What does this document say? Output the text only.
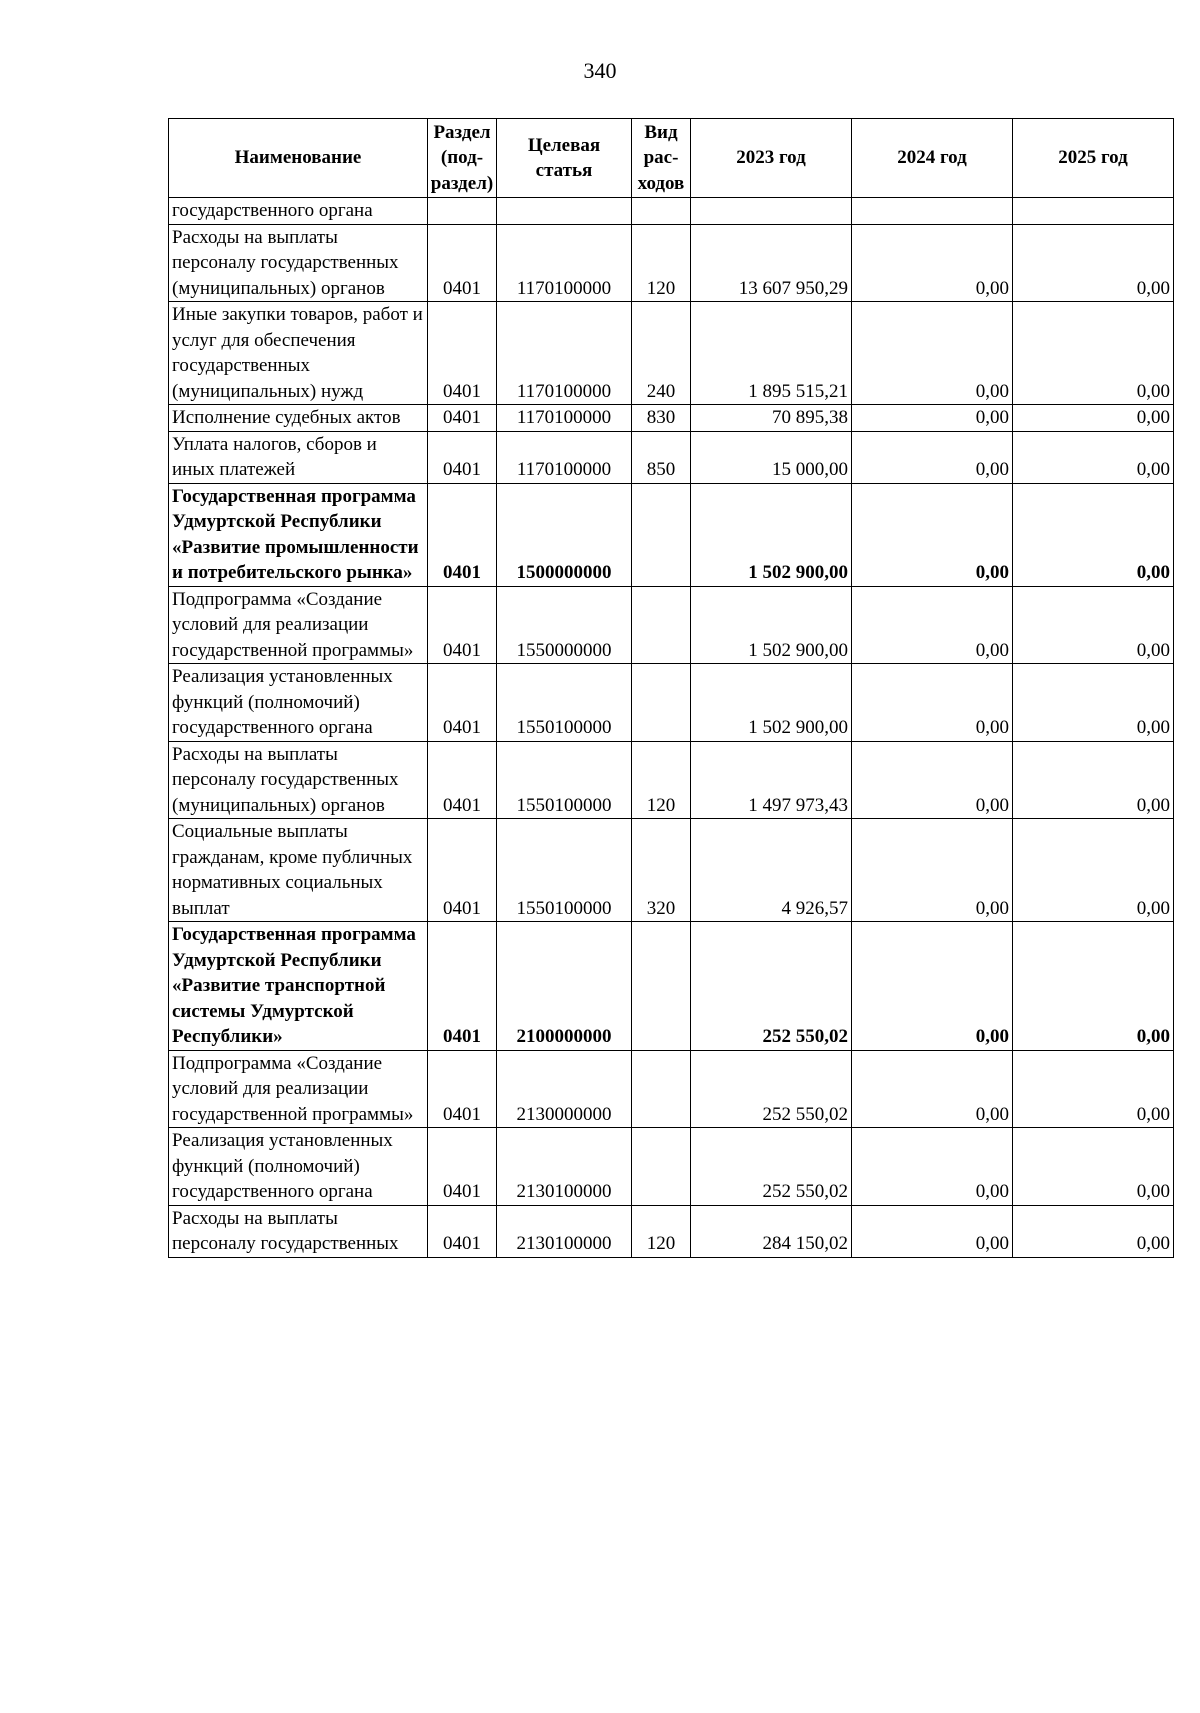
340
Наименование	Раздел (под-раздел)	Целевая статья	Вид рас-ходов	2023 год	2024 год	2025 год
государственного органа						
Расходы на выплаты персоналу государственных (муниципальных) органов	0401	1170100000	120	13 607 950,29	0,00	0,00
Иные закупки товаров, работ и услуг для обеспечения государственных (муниципальных) нужд	0401	1170100000	240	1 895 515,21	0,00	0,00
Исполнение судебных актов	0401	1170100000	830	70 895,38	0,00	0,00
Уплата налогов, сборов и иных платежей	0401	1170100000	850	15 000,00	0,00	0,00
Государственная программа Удмуртской Республики «Развитие промышленности и потребительского рынка»	0401	1500000000		1 502 900,00	0,00	0,00
Подпрограмма «Создание условий для реализации государственной программы»	0401	1550000000		1 502 900,00	0,00	0,00
Реализация установленных функций (полномочий) государственного органа	0401	1550100000		1 502 900,00	0,00	0,00
Расходы на выплаты персоналу государственных (муниципальных) органов	0401	1550100000	120	1 497 973,43	0,00	0,00
Социальные выплаты гражданам, кроме публичных нормативных социальных выплат	0401	1550100000	320	4 926,57	0,00	0,00
Государственная программа Удмуртской Республики «Развитие транспортной системы Удмуртской Республики»	0401	2100000000		252 550,02	0,00	0,00
Подпрограмма «Создание условий для реализации государственной программы»	0401	2130000000		252 550,02	0,00	0,00
Реализация установленных функций (полномочий) государственного органа	0401	2130100000		252 550,02	0,00	0,00
Расходы на выплаты персоналу государственных	0401	2130100000	120	284 150,02	0,00	0,00
